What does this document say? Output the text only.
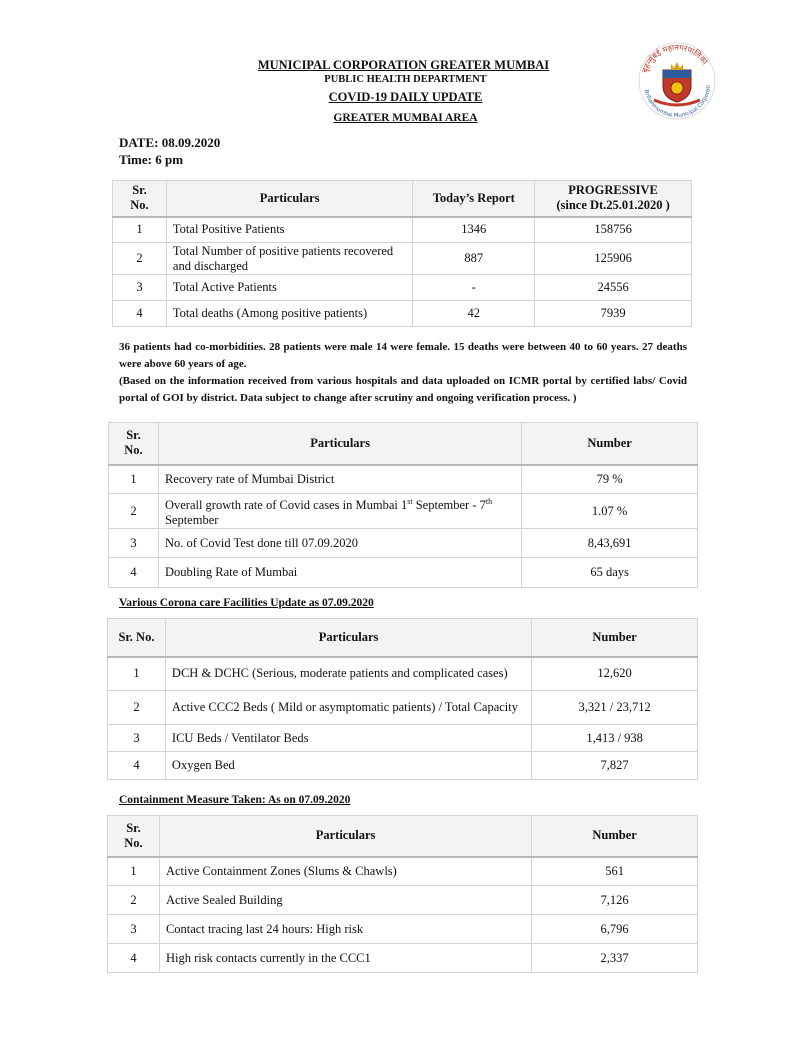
MUNICIPAL CORPORATION GREATER MUMBAI
PUBLIC HEALTH DEPARTMENT
COVID-19 DAILY UPDATE
GREATER MUMBAI AREA
बृहन्मुंबई महानगरपालिका
Brihanmumbai Municipal Corporati
DATE: 08.09.2020
Time: 6 pm
Sr.
No.	Particulars	Today’s Report	PROGRESSIVE
(since Dt.25.01.2020 )
1	Total Positive Patients	1346	158756
2	Total Number of positive patients recovered and discharged	887	125906
3	Total Active Patients	-	24556
4	Total deaths (Among positive patients)	42	7939
36 patients had co-morbidities. 28 patients were male 14 were female. 15 deaths were between 40 to 60 years. 27 deaths were above 60 years of age.
(Based on the information received from various hospitals and data uploaded on ICMR portal by certified labs/ Covid portal of GOI by district. Data subject to change after scrutiny and ongoing verification process. )
Sr.
No.	Particulars	Number
1	Recovery rate of Mumbai District	79 %
2	Overall growth rate of Covid cases in Mumbai 1st September - 7th September	1.07 %
3	No. of Covid Test done till 07.09.2020	8,43,691
4	Doubling Rate of Mumbai	65 days
Various Corona care Facilities Update as 07.09.2020
Sr. No.	Particulars	Number
1	DCH & DCHC (Serious, moderate patients and complicated cases)	12,620
2	Active CCC2 Beds ( Mild or asymptomatic patients) / Total Capacity	3,321 / 23,712
3	ICU Beds / Ventilator Beds	1,413 / 938
4	Oxygen Bed	7,827
Containment Measure Taken: As on 07.09.2020
Sr.
No.	Particulars	Number
1	Active Containment Zones (Slums & Chawls)	561
2	Active Sealed Building	7,126
3	Contact tracing last 24 hours: High risk	6,796
4	High risk contacts currently in the CCC1	2,337
